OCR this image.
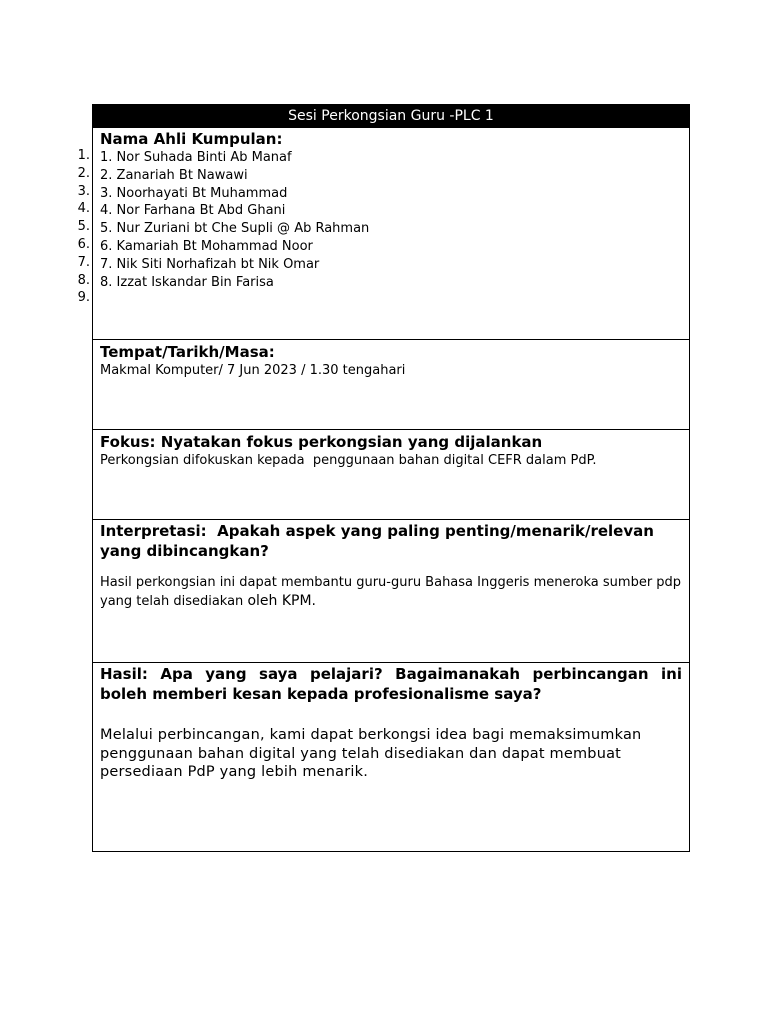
1.
2.
3.
4.
5.
6.
7.
8.
9.
Sesi Perkongsian Guru -PLC 1
Nama Ahli Kumpulan:
1. Nor Suhada Binti Ab Manaf
2. Zanariah Bt Nawawi
3. Noorhayati Bt Muhammad
4. Nor Farhana Bt Abd Ghani
5. Nur Zuriani bt Che Supli @ Ab Rahman
6. Kamariah Bt Mohammad Noor
7. Nik Siti Norhafizah bt Nik Omar
8. Izzat Iskandar Bin Farisa
Tempat/Tarikh/Masa:
Makmal Komputer/ 7 Jun 2023 / 1.30 tengahari
Fokus: Nyatakan fokus perkongsian yang dijalankan
Perkongsian difokuskan kepada  penggunaan bahan digital CEFR dalam PdP.
Interpretasi:  Apakah aspek yang paling penting/menarik/relevan yang dibincangkan?
Hasil perkongsian ini dapat membantu guru-guru Bahasa Inggeris meneroka sumber pdp
yang telah disediakan oleh KPM.
Hasil: Apa yang saya pelajari? Bagaimanakah perbincangan ini boleh memberi kesan kepada profesionalisme saya?
Melalui perbincangan, kami dapat berkongsi idea bagi memaksimumkan penggunaan bahan digital yang telah disediakan dan dapat membuat persediaan PdP yang lebih menarik.
